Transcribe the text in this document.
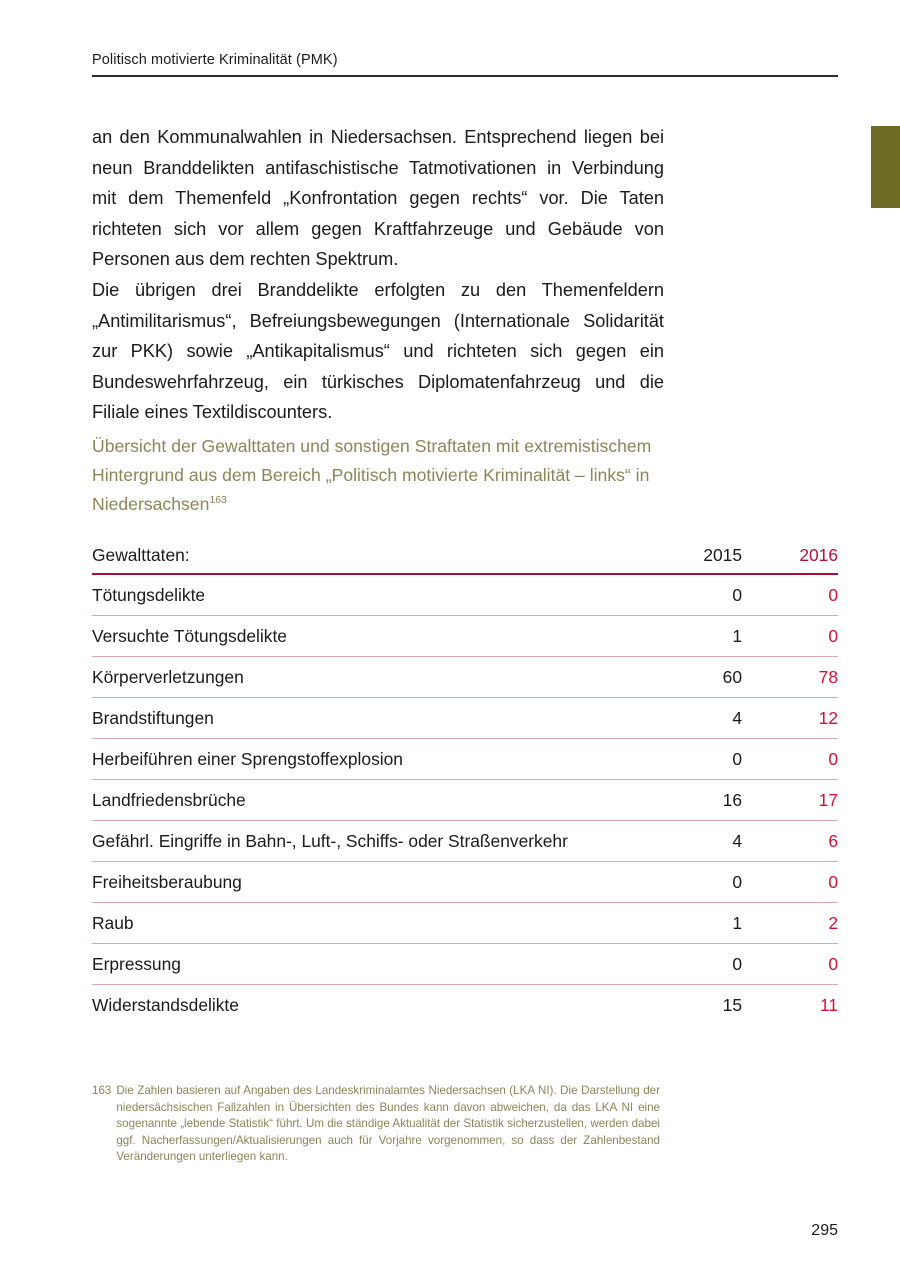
Politisch motivierte Kriminalität (PMK)

an den Kommunalwahlen in Niedersachsen. Entsprechend liegen bei neun Branddelikten antifaschistische Tatmotivationen in Verbindung mit dem Themenfeld „Konfrontation gegen rechts“ vor. Die Taten richteten sich vor allem gegen Kraftfahrzeuge und Gebäude von Personen aus dem rechten Spektrum.

Die übrigen drei Branddelikte erfolgten zu den Themenfeldern „Antimilitarismus“, Befreiungsbewegungen (Internationale Solidarität zur PKK) sowie „Antikapitalismus“ und richteten sich gegen ein Bundeswehrfahrzeug, ein türkisches Diplomatenfahrzeug und die Filiale eines Textildiscounters.

Übersicht der Gewalttaten und sonstigen Straftaten mit extremistischem Hintergrund aus dem Bereich „Politisch motivierte Kriminalität – links“ in Niedersachsen$^{163}$
Gewalttaten:	2015	2016
Tötungsdelikte	0	0
Versuchte Tötungsdelikte	1	0
Körperverletzungen	60	78
Brandstiftungen	4	12
Herbeiführen einer Sprengstoffexplosion	0	0
Landfriedensbrüche	16	17
Gefährl. Eingriffe in Bahn-, Luft-, Schiffs- oder Straßenverkehr	4	6
Freiheitsberaubung	0	0
Raub	1	2
Erpressung	0	0
Widerstandsdelikte	15	11
163 Die Zahlen basieren auf Angaben des Landeskriminalamtes Niedersachsen (LKA NI). Die Darstellung der niedersächsischen Fallzahlen in Übersichten des Bundes kann davon abweichen, da das LKA NI eine sogenannte „lebende Statistik“ führt. Um die ständige Aktualität der Statistik sicherzustellen, werden dabei ggf. Nacherfassungen/Aktualisierungen auch für Vorjahre vorgenommen, so dass der Zahlenbestand Veränderungen unterliegen kann.
295
